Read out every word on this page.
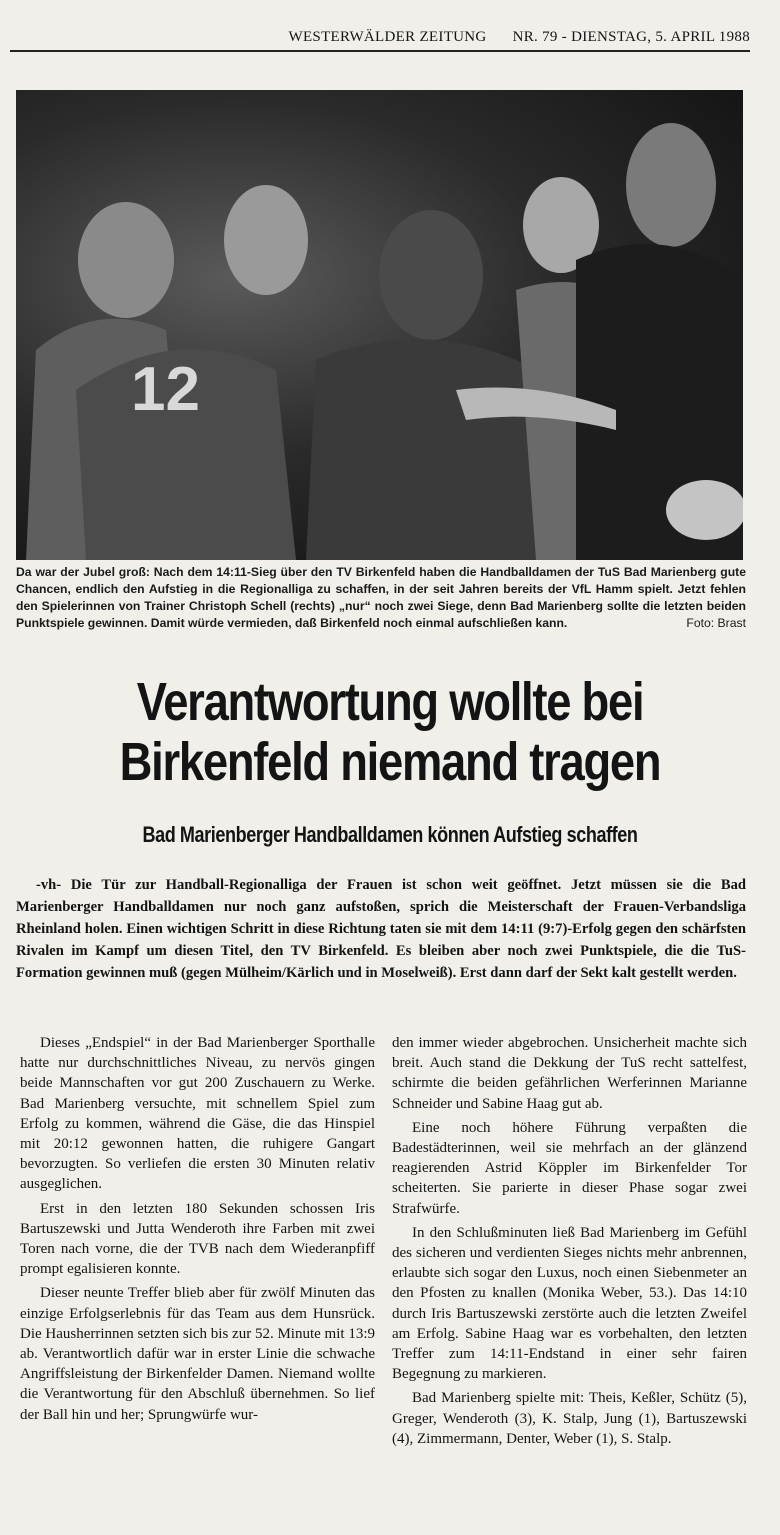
WESTERWÄLDER ZEITUNG NR. 79 - DIENSTAG, 5. APRIL 1988
12
Da war der Jubel groß: Nach dem 14:11-Sieg über den TV Birkenfeld haben die Handballdamen der TuS Bad Marienberg gute Chancen, endlich den Aufstieg in die Regionalliga zu schaffen, in der seit Jahren bereits der VfL Hamm spielt. Jetzt fehlen den Spielerinnen von Trainer Christoph Schell (rechts) „nur“ noch zwei Siege, denn Bad Marienberg sollte die letzten beiden Punktspiele gewinnen. Damit würde vermieden, daß Birkenfeld noch einmal aufschließen kann.	Foto: Brast
Verantwortung wollte bei
Birkenfeld niemand tragen
Bad Marienberger Handballdamen können Aufstieg schaffen

-vh- Die Tür zur Handball-Regionalliga der Frauen ist schon weit geöffnet. Jetzt müssen sie die Bad Marienberger Handballdamen nur noch ganz aufstoßen, sprich die Meisterschaft der Frauen-Verbandsliga Rheinland holen. Einen wichtigen Schritt in diese Richtung taten sie mit dem 14:11 (9:7)-Erfolg gegen den schärfsten Rivalen im Kampf um diesen Titel, den TV Birkenfeld. Es bleiben aber noch zwei Punktspiele, die die TuS-Formation gewinnen muß (gegen Mülheim/Kärlich und in Moselweiß). Erst dann darf der Sekt kalt gestellt werden.

Dieses „Endspiel“ in der Bad Marienberger Sporthalle hatte nur durchschnittliches Niveau, zu nervös gingen beide Mannschaften vor gut 200 Zuschauern zu Werke. Bad Marienberg versuchte, mit schnellem Spiel zum Erfolg zu kommen, während die Gäse, die das Hinspiel mit 20:12 gewonnen hatten, die ruhigere Gangart bevorzugten. So verliefen die ersten 30 Minuten relativ ausgeglichen.

Erst in den letzten 180 Sekunden schossen Iris Bartuszewski und Jutta Wenderoth ihre Farben mit zwei Toren nach vorne, die der TVB nach dem Wiederanpfiff prompt egalisieren konnte.

Dieser neunte Treffer blieb aber für zwölf Minuten das einzige Erfolgserlebnis für das Team aus dem Hunsrück. Die Hausherrinnen setzten sich bis zur 52. Minute mit 13:9 ab. Verantwortlich dafür war in erster Linie die schwache Angriffsleistung der Birkenfelder Damen. Niemand wollte die Verantwortung für den Abschluß übernehmen. So lief der Ball hin und her; Sprungwürfe wur-

den immer wieder abgebrochen. Unsicherheit machte sich breit. Auch stand die Dekkung der TuS recht sattelfest, schirmte die beiden gefährlichen Werferinnen Marianne Schneider und Sabine Haag gut ab.

Eine noch höhere Führung verpaßten die Badestädterinnen, weil sie mehrfach an der glänzend reagierenden Astrid Köppler im Birkenfelder Tor scheiterten. Sie parierte in dieser Phase sogar zwei Strafwürfe.

In den Schlußminuten ließ Bad Marienberg im Gefühl des sicheren und verdienten Sieges nichts mehr anbrennen, erlaubte sich sogar den Luxus, noch einen Siebenmeter an den Pfosten zu knallen (Monika Weber, 53.). Das 14:10 durch Iris Bartuszewski zerstörte auch die letzten Zweifel am Erfolg. Sabine Haag war es vorbehalten, den letzten Treffer zum 14:11-Endstand in einer sehr fairen Begegnung zu markieren.

Bad Marienberg spielte mit: Theis, Keßler, Schütz (5), Greger, Wenderoth (3), K. Stalp, Jung (1), Bartuszewski (4), Zimmermann, Denter, Weber (1), S. Stalp.
